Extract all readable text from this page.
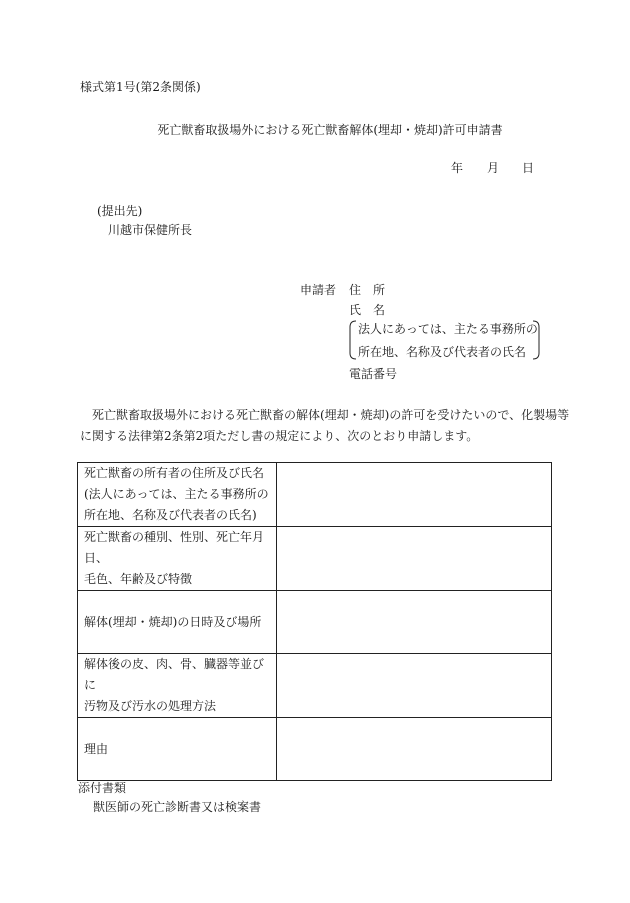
様式第1号(第2条関係)
死亡獣畜取扱場外における死亡獣畜解体(埋却・焼却)許可申請書
年 月 日
(提出先)
川越市保健所長
申請者 住　所
氏　名
法人にあっては、主たる事務所の
所在地、名称及び代表者の氏名
電話番号
死亡獣畜取扱場外における死亡獣畜の解体(埋却・焼却)の許可を受けたいので、化製場等に関する法律第2条第2項ただし書の規定により、次のとおり申請します。
死亡獣畜の所有者の住所及び氏名
(法人にあっては、主たる事務所の
所在地、名称及び代表者の氏名)	

死亡獣畜の種別、性別、死亡年月日、
毛色、年齢及び特徴	

解体(埋却・焼却)の日時及び場所	

解体後の皮、肉、骨、臓器等並びに
汚物及び汚水の処理方法	

理由	

添付書類
獣医師の死亡診断書又は検案書
